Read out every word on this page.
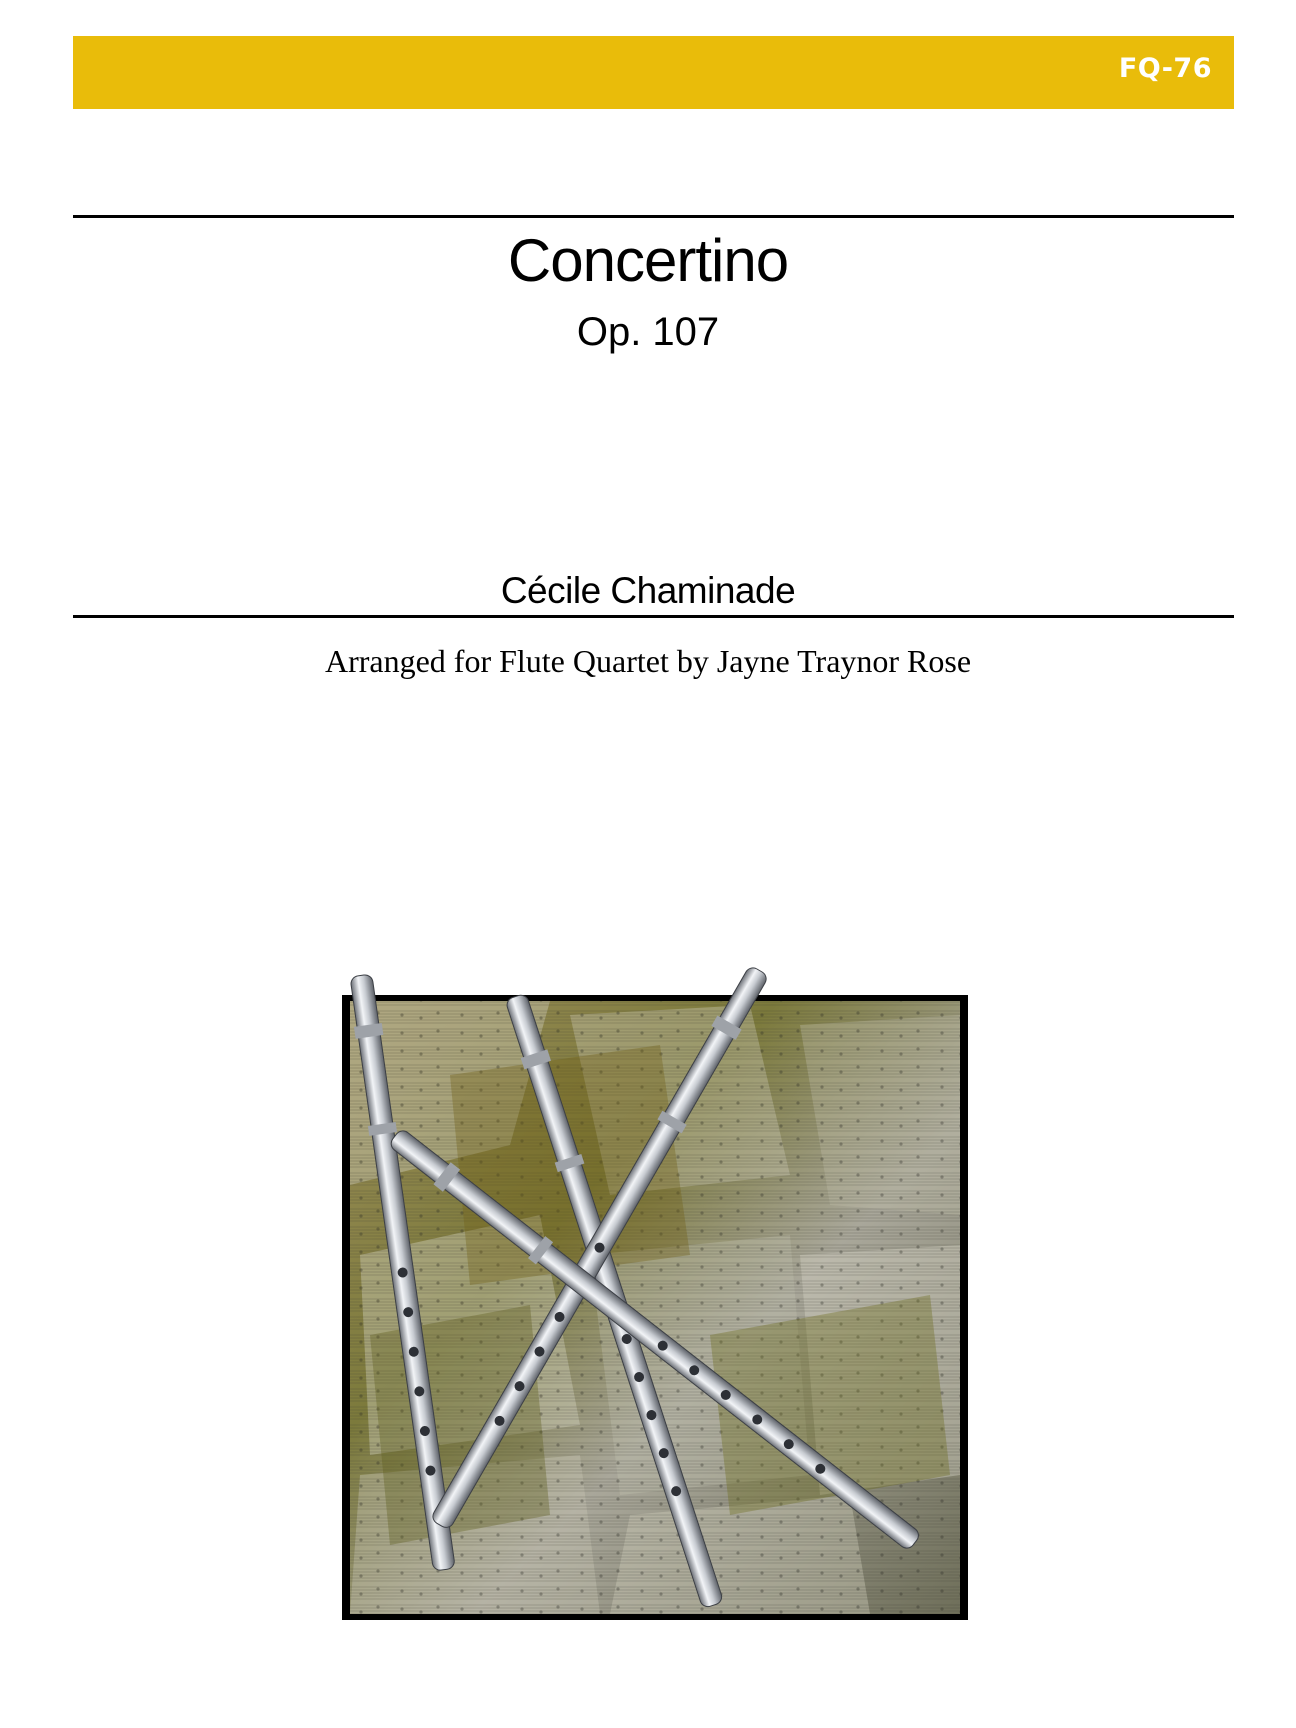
FQ-76
Concertino
Op. 107
Cécile Chaminade
Arranged for Flute Quartet by Jayne Traynor Rose
